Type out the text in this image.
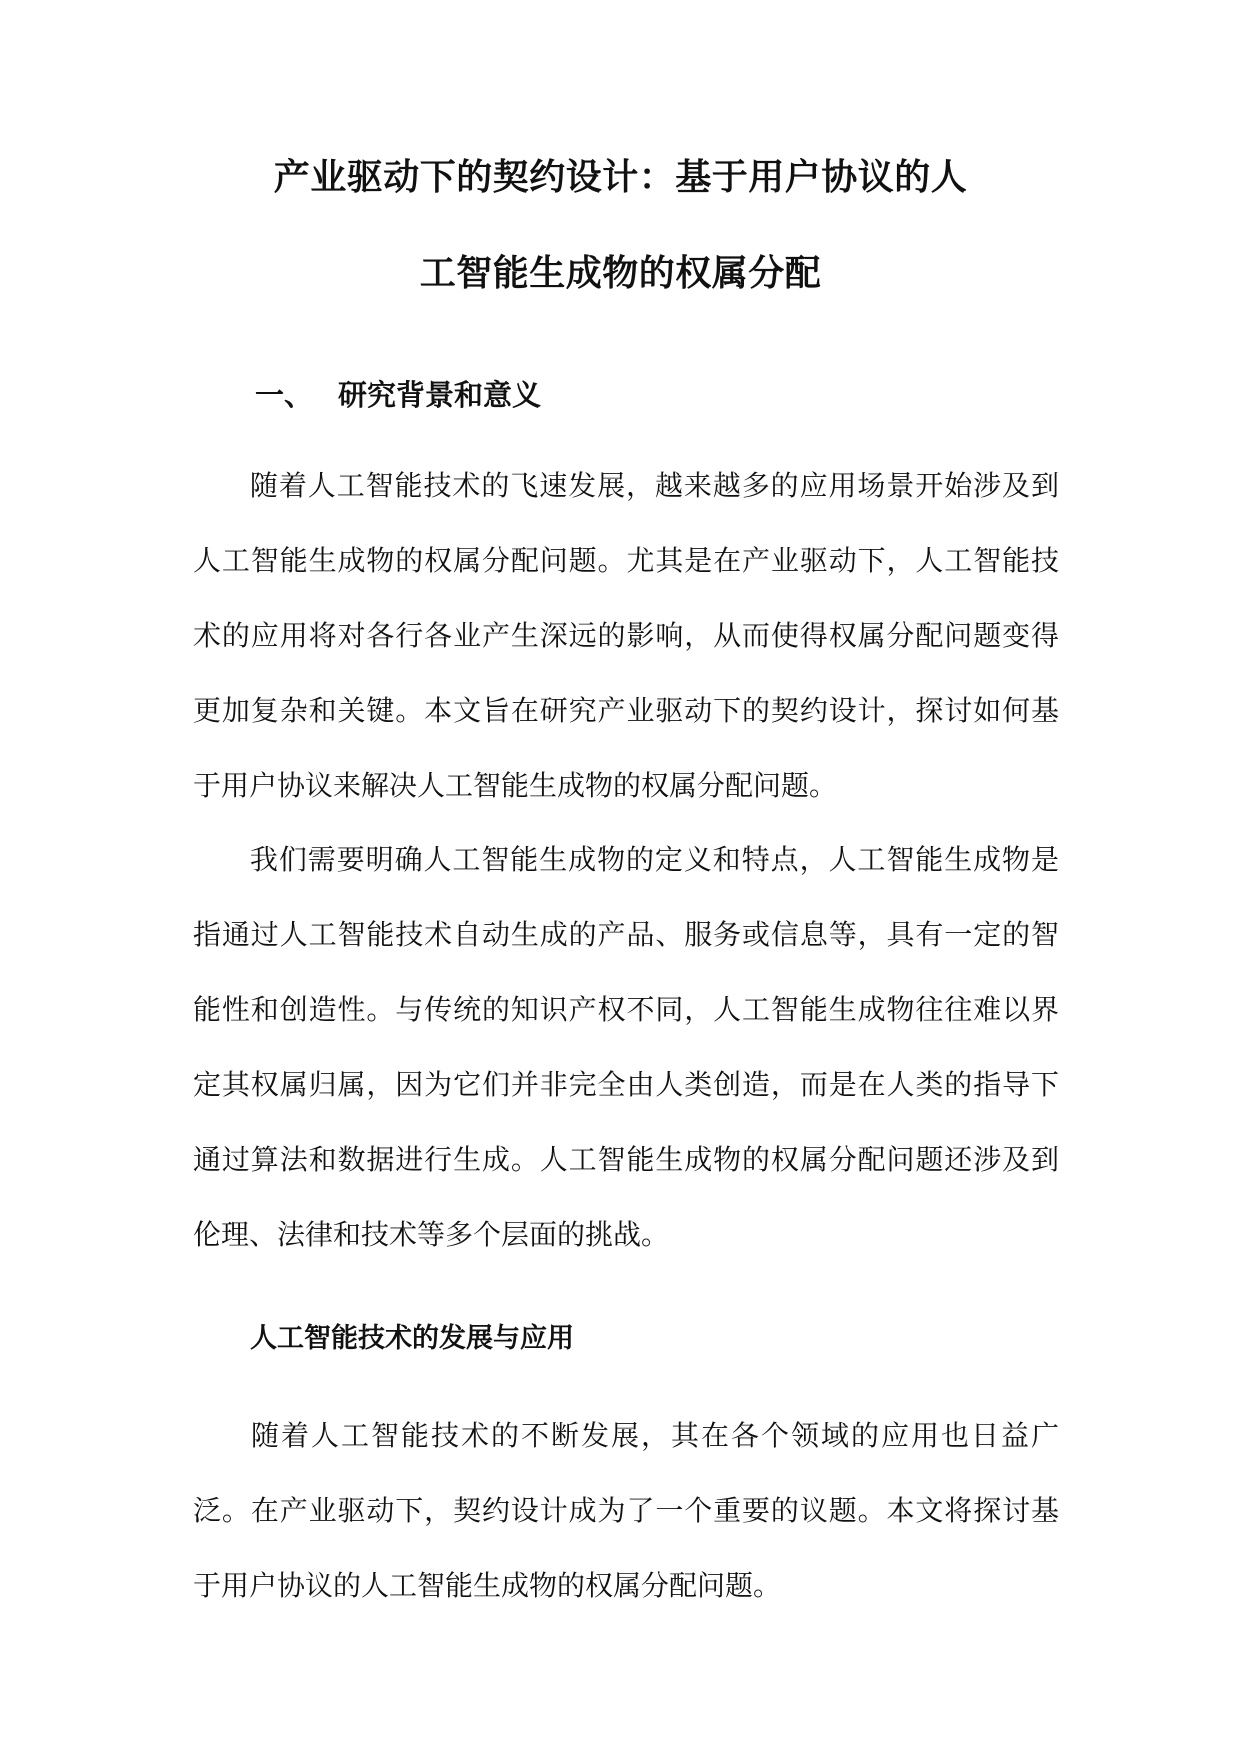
产业驱动下的契约设计：基于用户协议的人
工智能生成物的权属分配
一、 研究背景和意义

随着人工智能技术的飞速发展，越来越多的应用场景开始涉及到人工智能生成物的权属分配问题。尤其是在产业驱动下，人工智能技术的应用将对各行各业产生深远的影响，从而使得权属分配问题变得更加复杂和关键。本文旨在研究产业驱动下的契约设计，探讨如何基于用户协议来解决人工智能生成物的权属分配问题。

我们需要明确人工智能生成物的定义和特点，人工智能生成物是指通过人工智能技术自动生成的产品、服务或信息等，具有一定的智能性和创造性。与传统的知识产权不同，人工智能生成物往往难以界定其权属归属，因为它们并非完全由人类创造，而是在人类的指导下通过算法和数据进行生成。人工智能生成物的权属分配问题还涉及到伦理、法律和技术等多个层面的挑战。

人工智能技术的发展与应用

随着人工智能技术的不断发展，其在各个领域的应用也日益广泛。在产业驱动下，契约设计成为了一个重要的议题。本文将探讨基于用户协议的人工智能生成物的权属分配问题。
